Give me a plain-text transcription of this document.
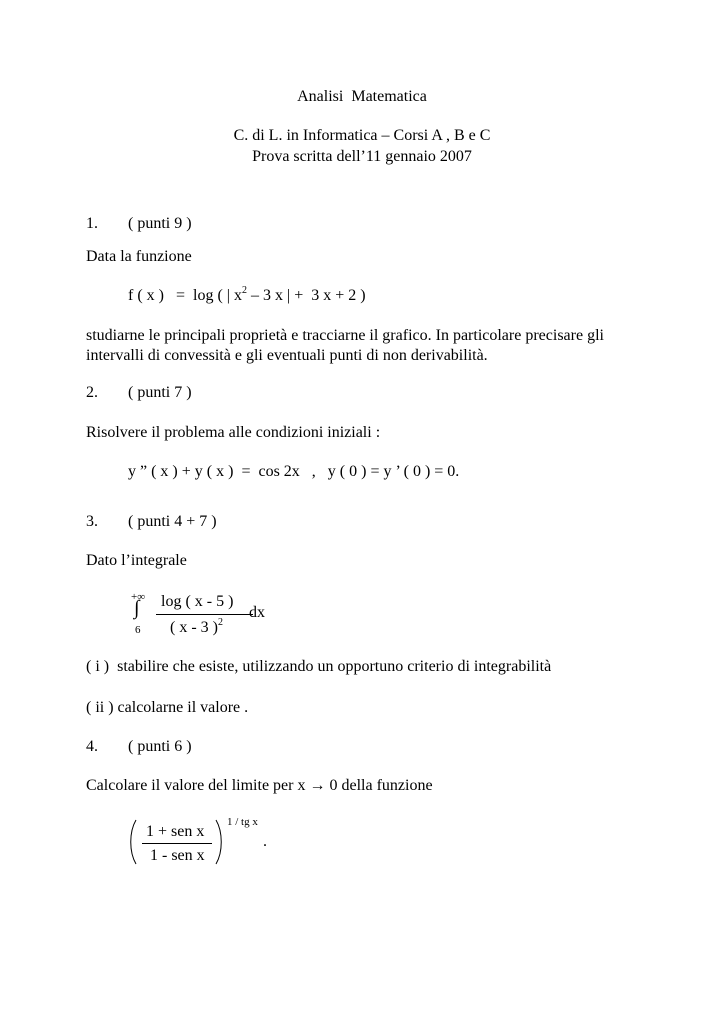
Analisi  Matematica
C. di L. in Informatica – Corsi A , B e C
Prova scritta dell’11 gennaio 2007
1. ( punti 9 )
Data la funzione
f ( x )   =  log ( | $x^2 - 3$ x | +  3 x + 2 )
studiarne le principali proprietà e tracciarne il grafico. In particolare precisare gli
intervalli di convessità e gli eventuali punti di non derivabilità.
2. ( punti 7 )
Risolvere il problema alle condizioni iniziali :
y ” ( x ) + y ( x )  =  cos 2x   ,   y ( 0 ) = y ’ ( 0 ) = 0.
3. ( punti 4 + 7 )
Dato l’integrale
+∞
∫
6
log ( x - 5 )
( x - 3 )$^2$
dx
( i )  stabilire che esiste, utilizzando un opportuno criterio di integrabilità
( ii ) calcolarne il valore .
4. ( punti 6 )
Calcolare il valore del limite per x → 0 della funzione
1 + sen x
1 - sen x
1 / tg x
.
